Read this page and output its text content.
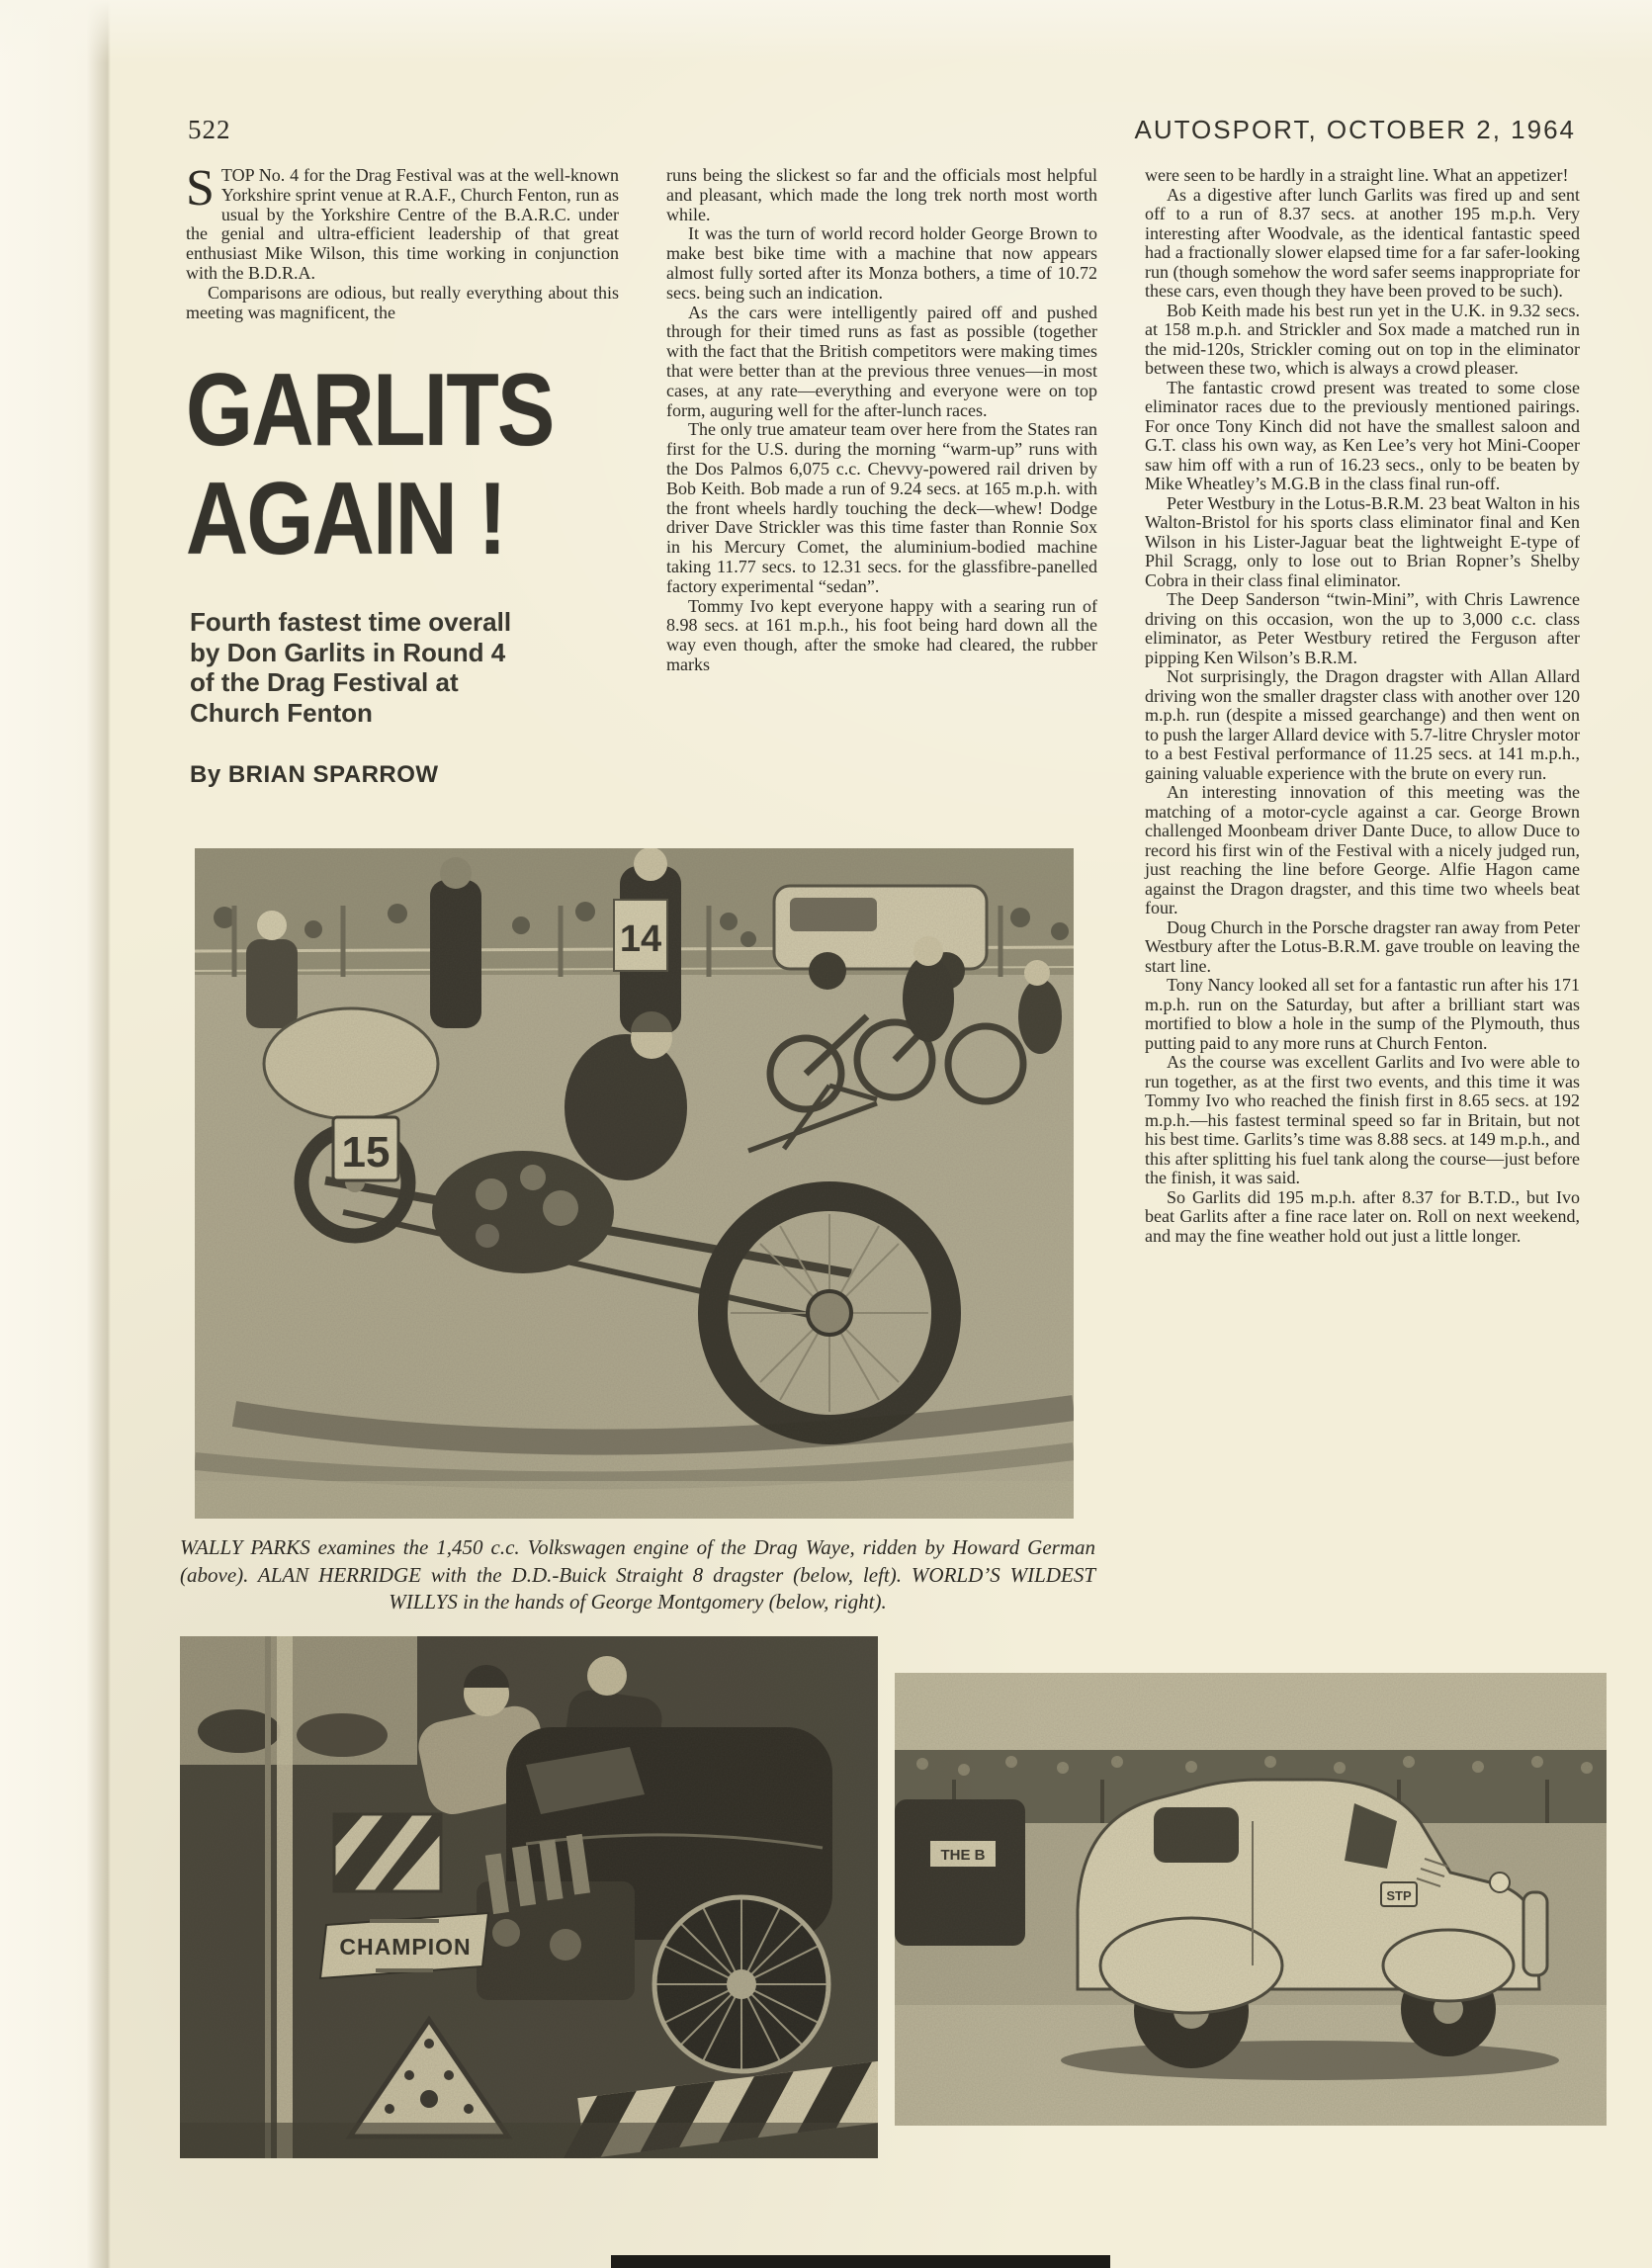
522	AUTOSPORT, OCTOBER 2, 1964

STOP No. 4 for the Drag Festival was at the well-known Yorkshire sprint venue at R.A.F., Church Fenton, run as usual by the Yorkshire Centre of the B.A.R.C. under the genial and ultra-efficient leadership of that great enthusiast Mike Wilson, this time working in conjunction with the B.D.R.A.

Comparisons are odious, but really everything about this meeting was magnificent, the

GARLITS
AGAIN !
Fourth fastest time overall by Don Garlits in Round 4 of the Drag Festival at Church Fenton
By BRIAN SPARROW

runs being the slickest so far and the officials most helpful and pleasant, which made the long trek north most worth while.

It was the turn of world record holder George Brown to make best bike time with a machine that now appears almost fully sorted after its Monza bothers, a time of 10.72 secs. being such an indication.

As the cars were intelligently paired off and pushed through for their timed runs as fast as possible (together with the fact that the British competitors were making times that were better than at the previous three venues—in most cases, at any rate—everything and everyone were on top form, auguring well for the after-lunch races.

The only true amateur team over here from the States ran first for the U.S. during the morning “warm-up” runs with the Dos Palmos 6,075 c.c. Chevvy-powered rail driven by Bob Keith. Bob made a run of 9.24 secs. at 165 m.p.h. with the front wheels hardly touching the deck—whew! Dodge driver Dave Strickler was this time faster than Ronnie Sox in his Mercury Comet, the aluminium-bodied machine taking 11.77 secs. to 12.31 secs. for the glassfibre-panelled factory experimental “sedan”.

Tommy Ivo kept everyone happy with a searing run of 8.98 secs. at 161 m.p.h., his foot being hard down all the way even though, after the smoke had cleared, the rubber marks

were seen to be hardly in a straight line. What an appetizer!

As a digestive after lunch Garlits was fired up and sent off to a run of 8.37 secs. at another 195 m.p.h. Very interesting after Woodvale, as the identical fantastic speed had a fractionally slower elapsed time for a far safer-looking run (though somehow the word safer seems inappropriate for these cars, even though they have been proved to be such).

Bob Keith made his best run yet in the U.K. in 9.32 secs. at 158 m.p.h. and Strickler and Sox made a matched run in the mid-120s, Strickler coming out on top in the eliminator between these two, which is always a crowd pleaser.

The fantastic crowd present was treated to some close eliminator races due to the previously mentioned pairings. For once Tony Kinch did not have the smallest saloon and G.T. class his own way, as Ken Lee’s very hot Mini-Cooper saw him off with a run of 16.23 secs., only to be beaten by Mike Wheatley’s M.G.B in the class final run-off.

Peter Westbury in the Lotus-B.R.M. 23 beat Walton in his Walton-Bristol for his sports class eliminator final and Ken Wilson in his Lister-Jaguar beat the lightweight E-type of Phil Scragg, only to lose out to Brian Ropner’s Shelby Cobra in their class final eliminator.

The Deep Sanderson “twin-Mini”, with Chris Lawrence driving on this occasion, won the up to 3,000 c.c. class eliminator, as Peter Westbury retired the Ferguson after pipping Ken Wilson’s B.R.M.

Not surprisingly, the Dragon dragster with Allan Allard driving won the smaller dragster class with another over 120 m.p.h. run (despite a missed gearchange) and then went on to push the larger Allard device with 5.7-litre Chrysler motor to a best Festival performance of 11.25 secs. at 141 m.p.h., gaining valuable experience with the brute on every run.

An interesting innovation of this meeting was the matching of a motor-cycle against a car. George Brown challenged Moonbeam driver Dante Duce, to allow Duce to record his first win of the Festival with a nicely judged run, just reaching the line before George. Alfie Hagon came against the Dragon dragster, and this time two wheels beat four.

Doug Church in the Porsche dragster ran away from Peter Westbury after the Lotus-B.R.M. gave trouble on leaving the start line.

Tony Nancy looked all set for a fantastic run after his 171 m.p.h. run on the Saturday, but after a brilliant start was mortified to blow a hole in the sump of the Plymouth, thus putting paid to any more runs at Church Fenton.

As the course was excellent Garlits and Ivo were able to run together, as at the first two events, and this time it was Tommy Ivo who reached the finish first in 8.65 secs. at 192 m.p.h.—his fastest terminal speed so far in Britain, but not his best time. Garlits’s time was 8.88 secs. at 149 m.p.h., and this after splitting his fuel tank along the course—just before the finish, it was said.

So Garlits did 195 m.p.h. after 8.37 for B.T.D., but Ivo beat Garlits after a fine race later on. Roll on next weekend, and may the fine weather hold out just a little longer.

15
14

WALLY PARKS examines the 1,450 c.c. Volkswagen engine of the Drag Waye, ridden by Howard German (above). ALAN HERRIDGE with the D.D.-Buick Straight 8 dragster (below, left). WORLD’S WILDEST WILLYS in the hands of George Montgomery (below, right).

CHAMPION
THE B
STP
